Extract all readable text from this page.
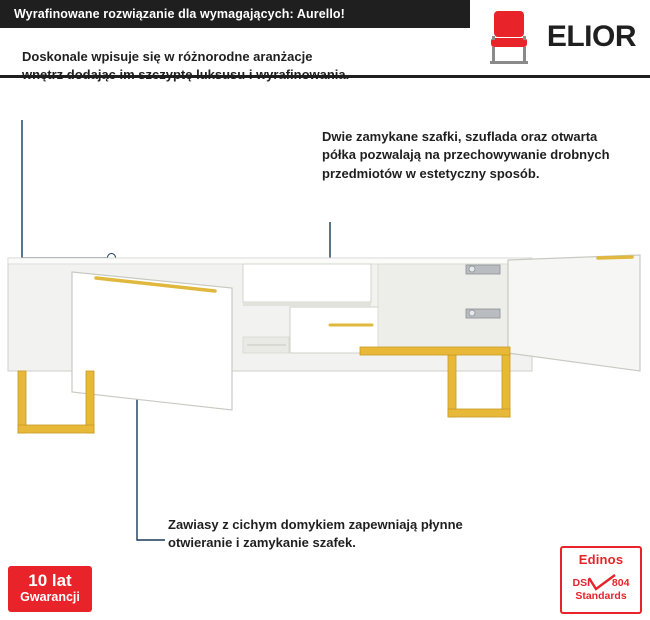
Wyrafinowane rozwiązanie dla wymagających: Aurello!
ELIOR
Doskonale wpisuje się w różnorodne aranżacje wnętrz dodając im szczyptę luksusu i wyrafinowania.
Dwie zamykane szafki, szuflada oraz otwarta półka pozwalają na przechowywanie drobnych przedmiotów w estetyczny sposób.
Zawiasy z cichym domykiem zapewniają płynne otwieranie i zamykanie szafek.
10 lat
Gwarancji
Edinos
DSI 804
Standards
